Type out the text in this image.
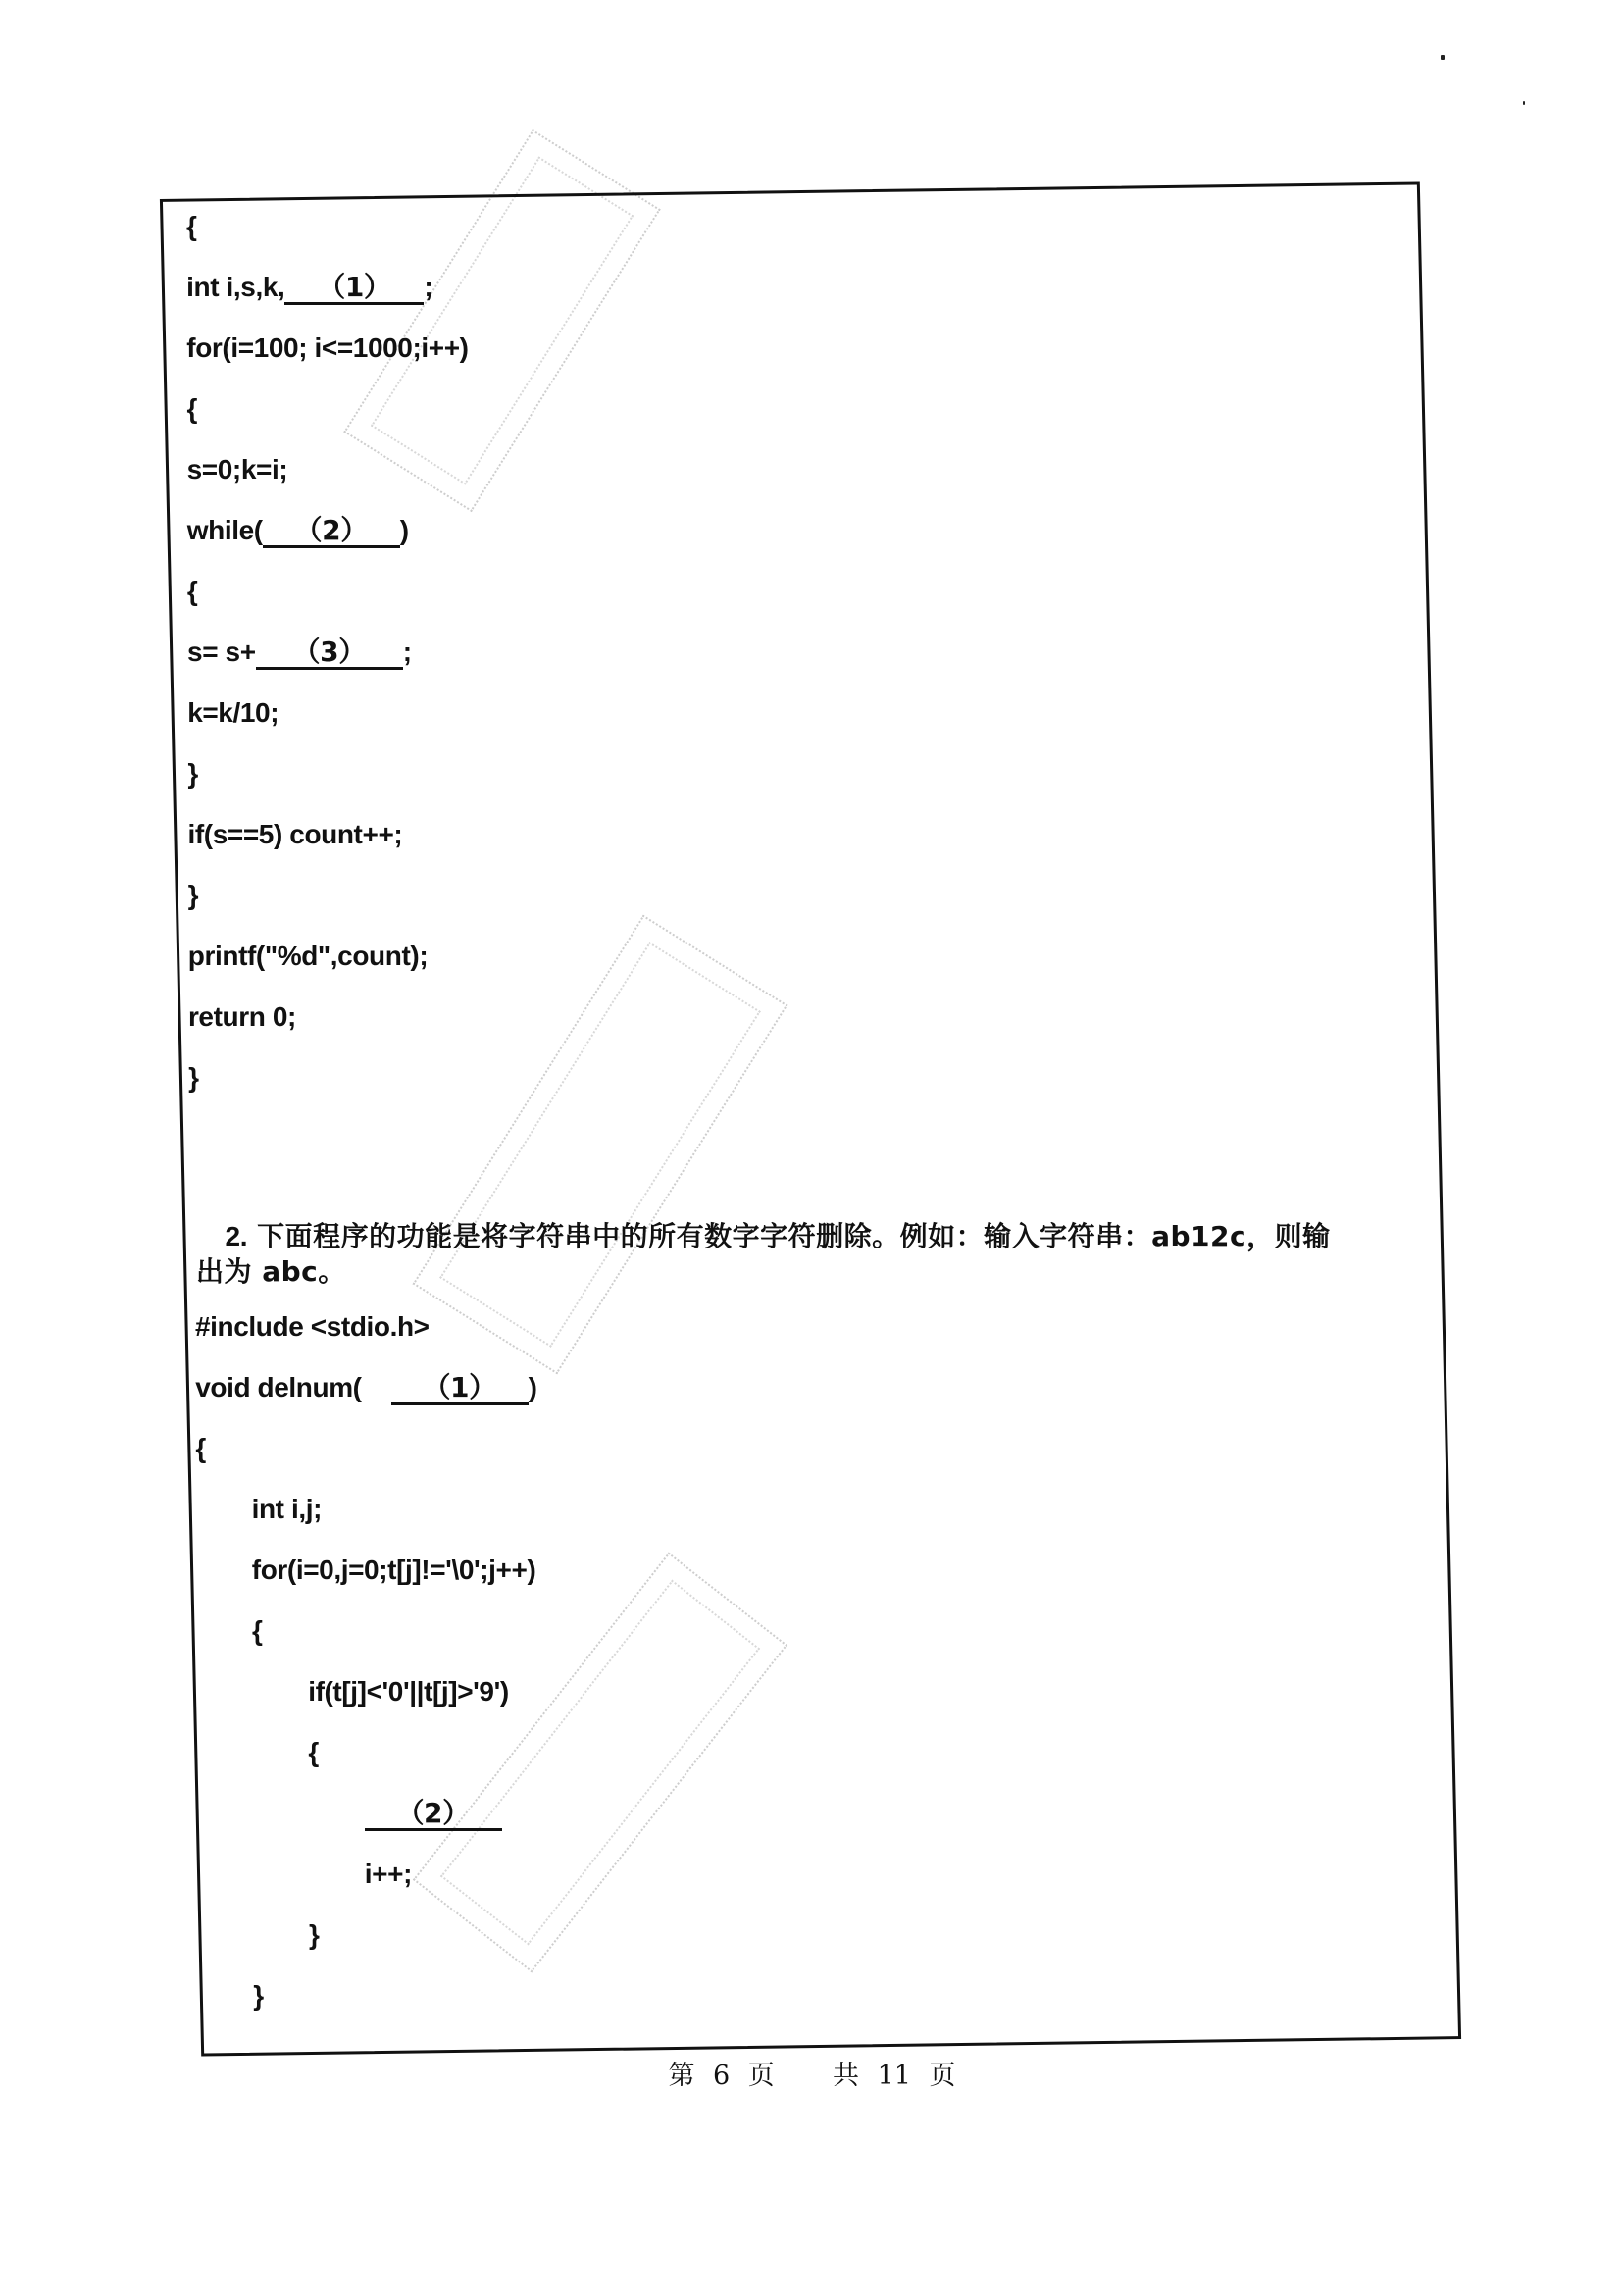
{
int i,s,k, （1） ;
for(i=100; i<=1000;i++)
{
s=0;k=i;
while( （2） )
{
s= s+ （3） ;
k=k/10;
}
if(s==5) count++;
}
printf("%d",count);
return 0;
}

2. 下面程序的功能是将字符串中的所有数字字符删除。例如：输入字符串：ab12c，则输

出为 abc。
#include <stdio.h>
void delnum( （1） )
{
int i,j;
for(i=0,j=0;t[j]!='\0';j++)
{
if(t[j]<'0'||t[j]>'9')
{
（2）
i++;
}
}
第 6 页 共 11 页
